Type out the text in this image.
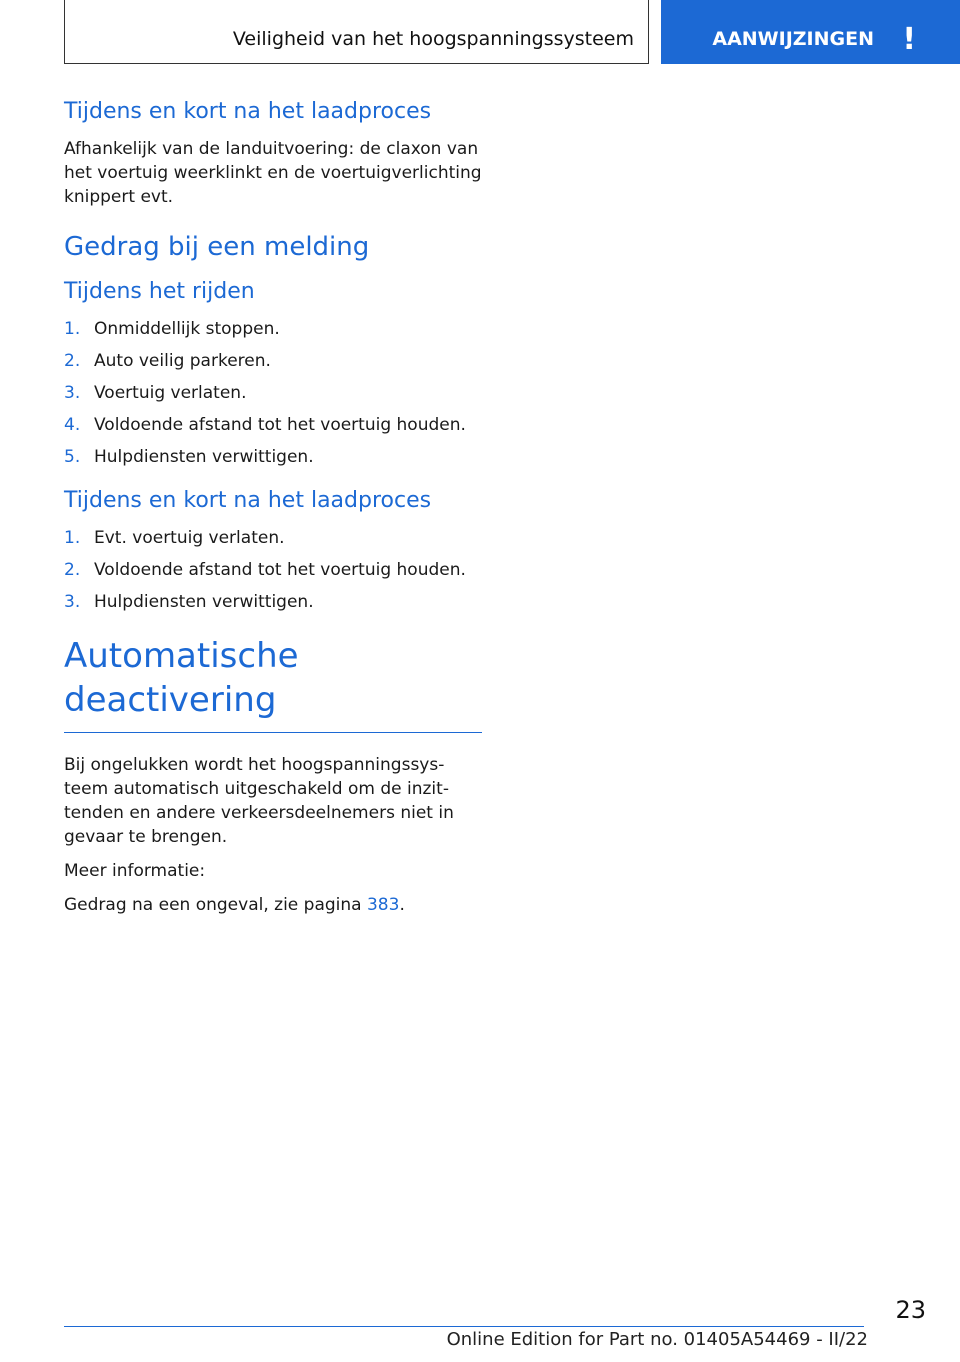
Veiligheid van het hoogspanningssysteem	AANWIJZINGEN !
Tijdens en kort na het laadproces

Afhankelijk van de landuitvoering: de claxon van het voertuig weerklinkt en de voertuigverlichting knippert evt.

Gedrag bij een melding
Tijdens het rijden
1. Onmiddellijk stoppen.
2. Auto veilig parkeren.
3. Voertuig verlaten.
4. Voldoende afstand tot het voertuig houden.
5. Hulpdiensten verwittigen.
Tijdens en kort na het laadproces
1. Evt. voertuig verlaten.
2. Voldoende afstand tot het voertuig houden.
3. Hulpdiensten verwittigen.
Automatische deactivering

Bij ongelukken wordt het hoogspanningssysteem automatisch uitgeschakeld om de inzittenden en andere verkeersdeelnemers niet in gevaar te brengen.

Meer informatie:

Gedrag na een ongeval, zie pagina 383.

23
Online Edition for Part no. 01405A54469 - II/22
